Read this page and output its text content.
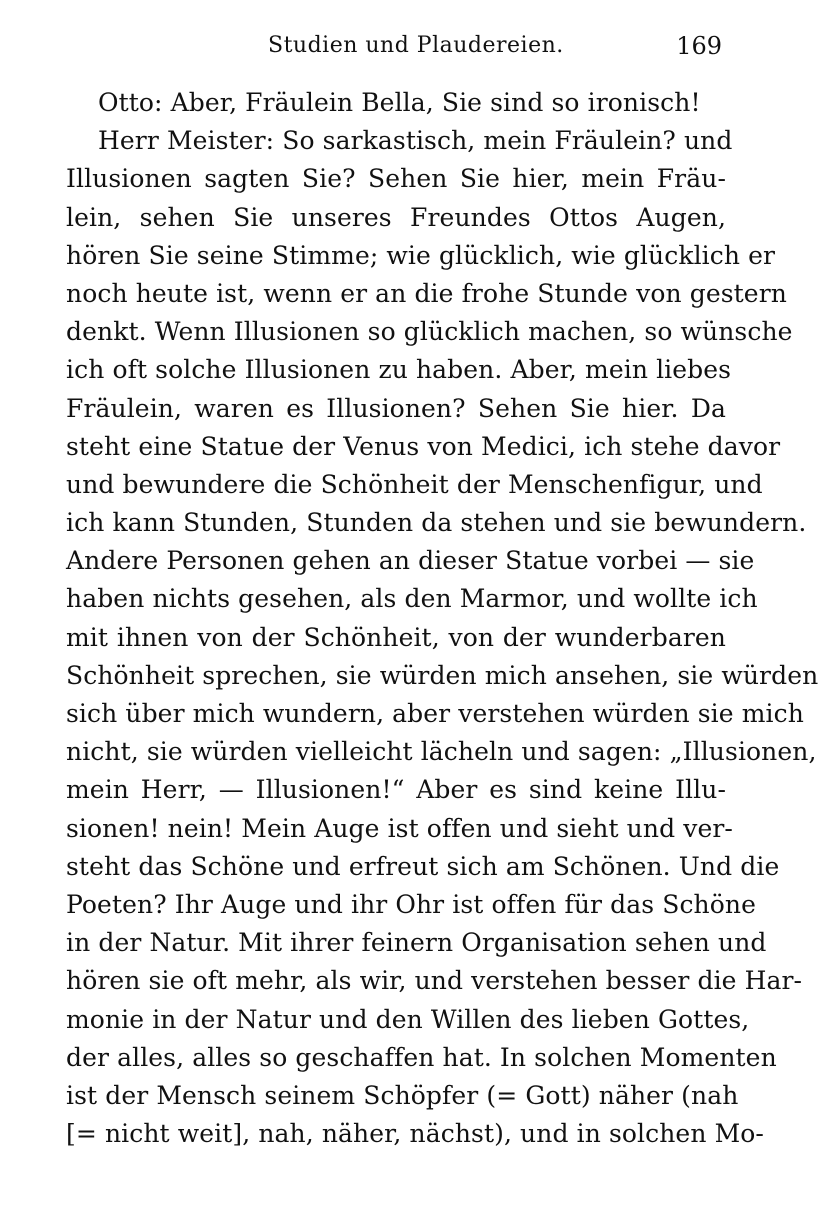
Studien und Plaudereien.	169
Otto: Aber, Fräulein Bella, Sie sind so ironisch!
Herr Meister: So sarkastisch, mein Fräulein? und
Illusionen sagten Sie? Sehen Sie hier, mein Fräu-
lein, sehen Sie unseres Freundes Ottos Augen,
hören Sie seine Stimme; wie glücklich, wie glücklich er
noch heute ist, wenn er an die frohe Stunde von gestern
denkt. Wenn Illusionen so glücklich machen, so wünsche
ich oft solche Illusionen zu haben. Aber, mein liebes
Fräulein, waren es Illusionen? Sehen Sie hier. Da
steht eine Statue der Venus von Medici, ich stehe davor
und bewundere die Schönheit der Menschenfigur, und
ich kann Stunden, Stunden da stehen und sie bewundern.
Andere Personen gehen an dieser Statue vorbei — sie
haben nichts gesehen, als den Marmor, und wollte ich
mit ihnen von der Schönheit, von der wunderbaren
Schönheit sprechen, sie würden mich ansehen, sie würden
sich über mich wundern, aber verstehen würden sie mich
nicht, sie würden vielleicht lächeln und sagen: „Illusionen,
mein Herr, — Illusionen!“ Aber es sind keine Illu-
sionen! nein! Mein Auge ist offen und sieht und ver-
steht das Schöne und erfreut sich am Schönen. Und die
Poeten? Ihr Auge und ihr Ohr ist offen für das Schöne
in der Natur. Mit ihrer feinern Organisation sehen und
hören sie oft mehr, als wir, und verstehen besser die Har-
monie in der Natur und den Willen des lieben Gottes,
der alles, alles so geschaffen hat. In solchen Momenten
ist der Mensch seinem Schöpfer (= Gott) näher (nah
[= nicht weit], nah, näher, nächst), und in solchen Mo-
